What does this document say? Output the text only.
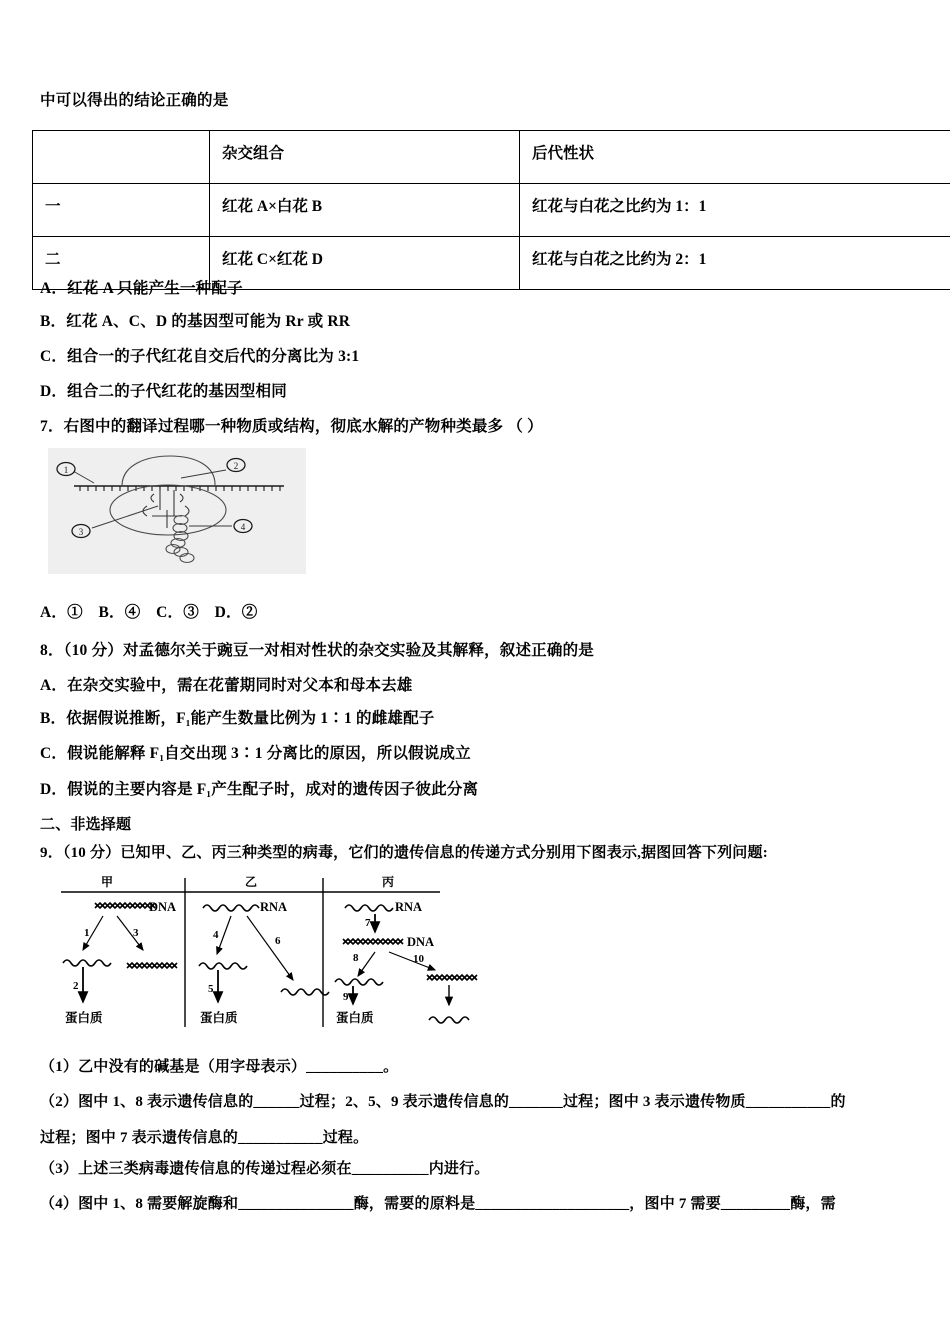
中可以得出的结论正确的是
	杂交组合	后代性状
一	红花 A×白花 B	红花与白花之比约为 1：1
二	红花 C×红花 D	红花与白花之比约为 2：1
A．红花 A 只能产生一种配子
B．红花 A、C、D 的基因型可能为 Rr 或 RR
C．组合一的子代红花自交后代的分离比为 3:1
D．组合二的子代红花的基因型相同
7．右图中的翻译过程哪一种物质或结构，彻底水解的产物种类最多 （ ）
1	2
3	4
A．①　B．④　C．③　D．②
8．（10 分）对孟德尔关于豌豆一对相对性状的杂交实验及其解释，叙述正确的是
A．在杂交实验中，需在花蕾期同时对父本和母本去雄
B．依据假说推断，F₁能产生数量比例为 1∶1 的雌雄配子
C．假说能解释 F₁自交出现 3∶1 分离比的原因，所以假说成立
D．假说的主要内容是 F₁产生配子时，成对的遗传因子彼此分离
二、非选择题
9．（10 分）已知甲、乙、丙三种类型的病毒，它们的遗传信息的传递方式分别用下图表示,据图回答下列问题:
甲	乙	丙
DNA
1	3
2
蛋白质
RNA
4	6
5
蛋白质
RNA
7
DNA
8	10
9
蛋白质
（1）乙中没有的碱基是（用字母表示）__________。
（2）图中 1、8 表示遗传信息的______过程；2、5、9 表示遗传信息的_______过程；图中 3 表示遗传物质___________的
过程；图中 7 表示遗传信息的___________过程。
（3）上述三类病毒遗传信息的传递过程必须在__________内进行。
（4）图中 1、8 需要解旋酶和_______________酶，需要的原料是____________________，图中 7 需要_________酶，需
